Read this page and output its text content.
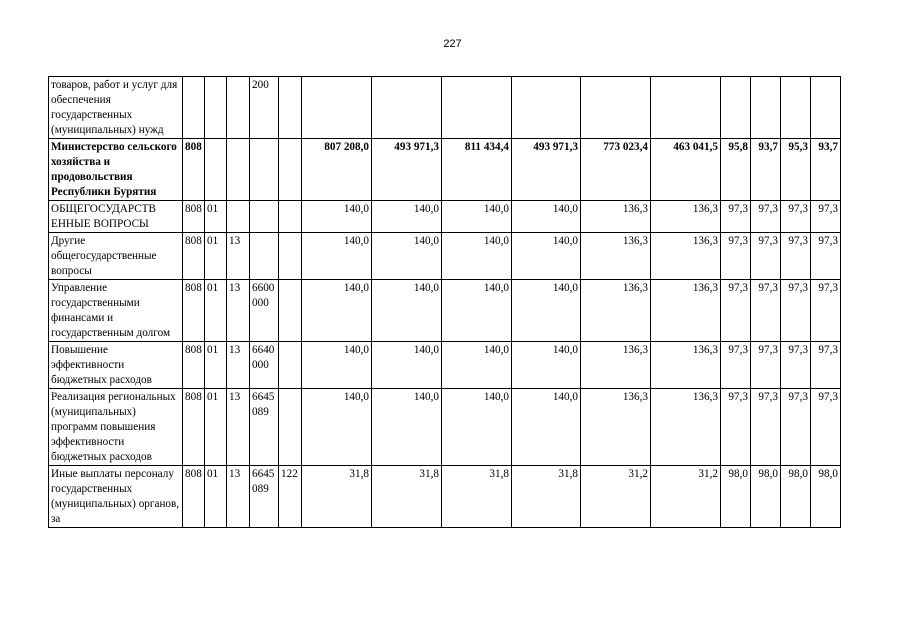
227
товаров, работ и услуг для обеспечения государственных (муниципальных) нужд				200											
Министерство сельского хозяйства и продовольствия Республики Бурятия	808					807 208,0	493 971,3	811 434,4	493 971,3	773 023,4	463 041,5	95,8	93,7	95,3	93,7
ОБЩЕГОСУДАРСТВ ЕННЫЕ ВОПРОСЫ	808	01				140,0	140,0	140,0	140,0	136,3	136,3	97,3	97,3	97,3	97,3
Другие общегосударственные вопросы	808	01	13			140,0	140,0	140,0	140,0	136,3	136,3	97,3	97,3	97,3	97,3
Управление государственными финансами и государственным долгом	808	01	13	6600 000		140,0	140,0	140,0	140,0	136,3	136,3	97,3	97,3	97,3	97,3
Повышение эффективности бюджетных расходов	808	01	13	6640 000		140,0	140,0	140,0	140,0	136,3	136,3	97,3	97,3	97,3	97,3
Реализация региональных (муниципальных) программ повышения эффективности бюджетных расходов	808	01	13	6645 089		140,0	140,0	140,0	140,0	136,3	136,3	97,3	97,3	97,3	97,3
Иные выплаты персоналу государственных (муниципальных) органов, за	808	01	13	6645 089	122	31,8	31,8	31,8	31,8	31,2	31,2	98,0	98,0	98,0	98,0
